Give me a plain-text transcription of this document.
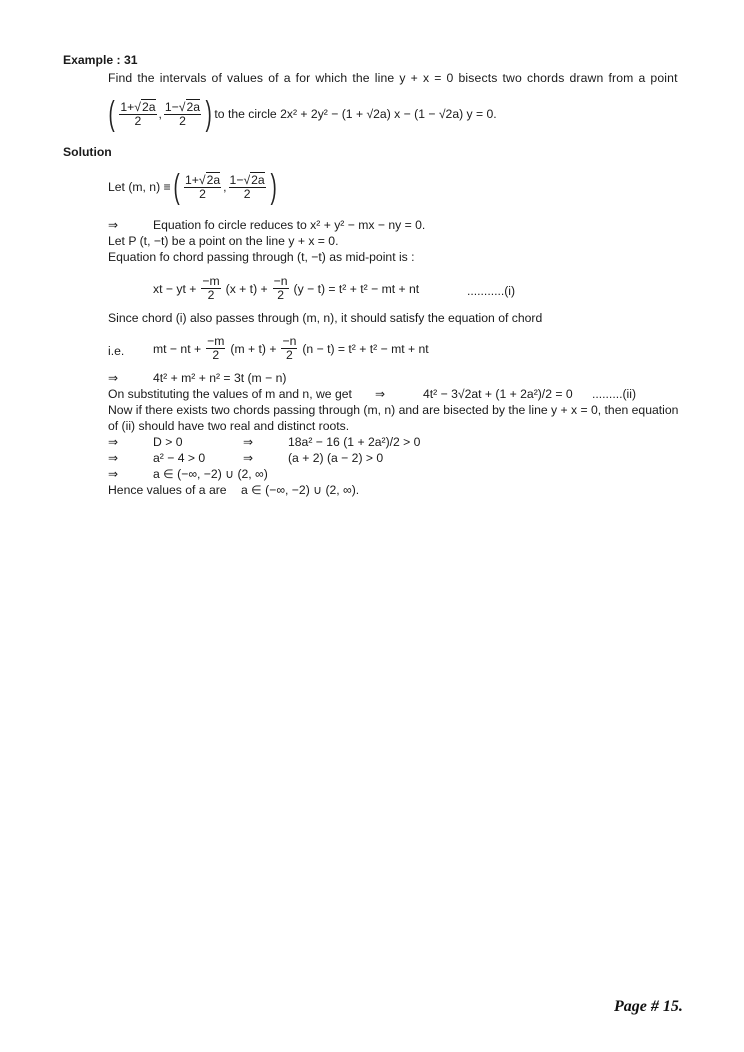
Example : 31
Find the intervals of values of a for which the line y + x = 0 bisects two chords drawn from a point
( $\frac{1+√2a}{2}$ , $\frac{1-√2a}{2}$ ) to the circle 2x² + 2y² − (1 + √2a) x − (1 − √2a) y = 0.
Solution
Let (m, n) ≡ ( $\frac{1+√2a}{2}$ , $\frac{1-√2a}{2}$ )
⇒	Equation fo circle reduces to x² + y² − mx − ny = 0.
Let P (t, −t) be a point on the line y + x = 0.
Equation fo chord passing through (t, −t) as mid-point is :
xt − yt + $\frac{-m}{2} (x + t) + \frac{-n}{2} (y - t) = t^2 + t^2$ − mt + nt	...........(i)
Since chord (i) also passes through (m, n), it should satisfy the equation of chord
i.e. mt − nt + $\frac{-m}{2} (m + t) + \frac{-n}{2} (n - t) = t^2 + t^2$ − mt + nt
⇒	4t² + m² + n² = 3t (m − n)
On substituting the values of m and n, we get ⇒	4t² − 3√2at + (1 + 2a²)/2 = 0 .........(ii)
Now if there exists two chords passing through (m, n) and are bisected by the line y + x = 0, then equation
of (ii) should have two real and distinct roots.
⇒	D > 0	⇒	18a² − 16 (1 + 2a²)/2 > 0
⇒	a² − 4 > 0	⇒	(a + 2) (a − 2) > 0
⇒	a ∈ (−∞, −2) ∪ (2, ∞)
Hence values of a are a ∈ (−∞, −2) ∪ (2, ∞).
Page # 15.
